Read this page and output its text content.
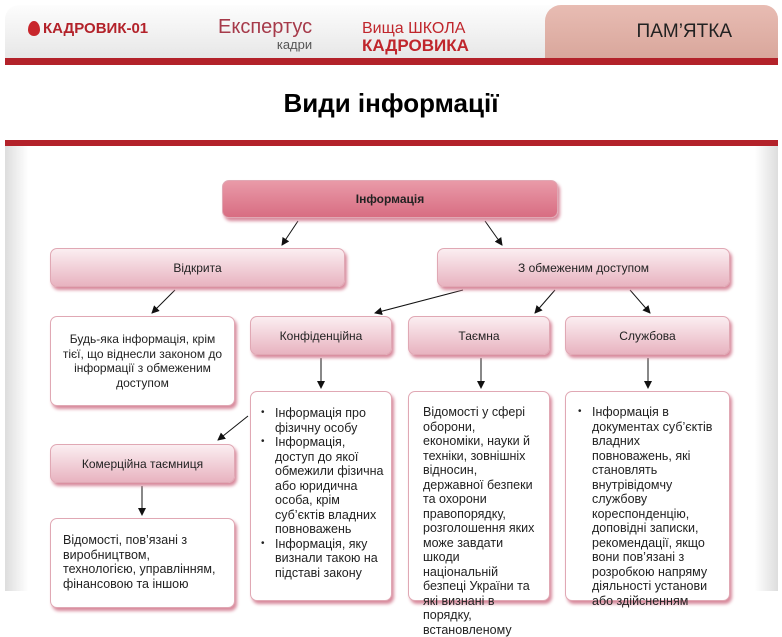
КАДРОВИК-01	Експертус
кадри
Вища ШКОЛА
КАДРОВИКА
ПАМ’ЯТКА
Види інформації
Інформація
Відкрита	З обмеженим доступом
Будь-яка інформація, крім тієї, що віднесли законом до інформації з обмеженим доступом
Конфіденційна	Таємна	Службова
• Інформація про фізичну особу
• Інформація, доступ до якої обмежили фізична або юридична особа, крім суб’єктів владних повноважень
• Інформація, яку визнали такою на підставі закону
Відомості у сфері оборони, економіки, науки й техніки, зовнішніх відносин, державної безпеки та охорони правопорядку, розголошення яких може завдати шкоди національній безпеці України та які визнані в порядку, встановленому
• Інформація в документах суб’єктів владних повноважень, які становлять внутрівідомчу службову кореспонденцію, доповідні записки, рекомендації, якщо вони пов’язані з розробкою напряму діяльності установи або здійсненням
Комерційна таємниця
Відомості, пов’язані з виробництвом, технологією, управлінням, фінансовою та іншою
